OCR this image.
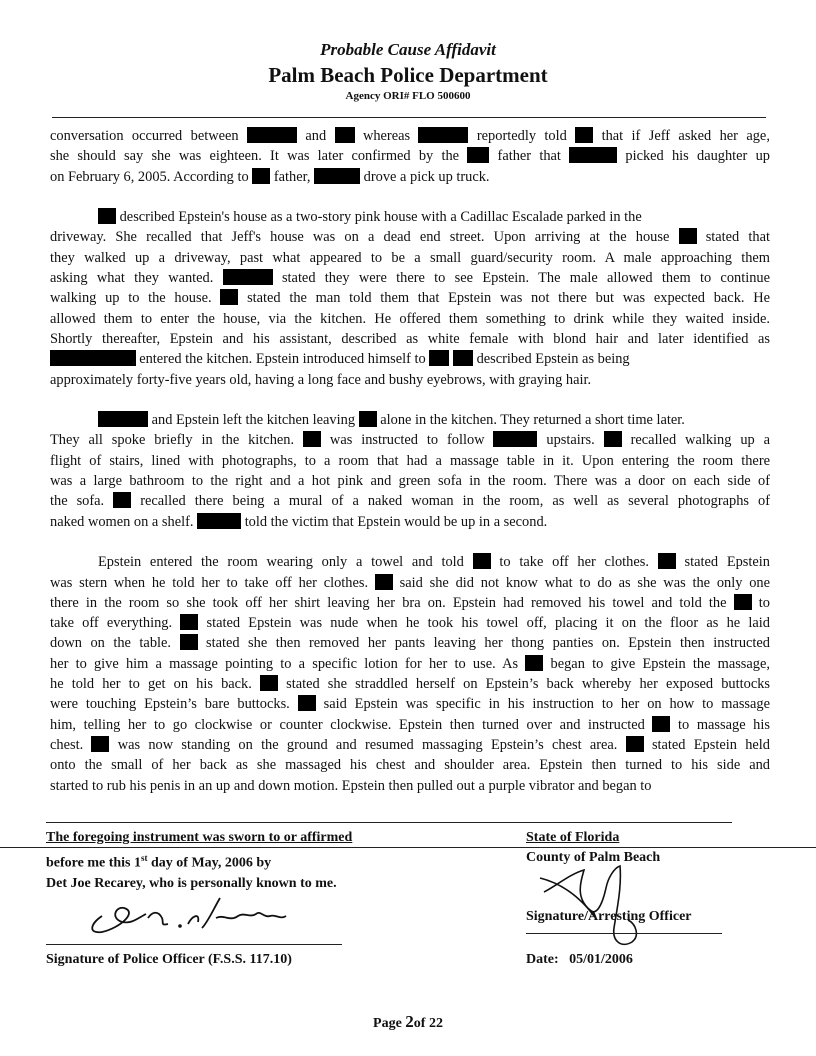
Probable Cause Affidavit
Palm Beach Police Department
Agency ORI# FLO 500600
conversation occurred between	and	whereas	reportedly told that if Jeff asked her age,
she should say she was eighteen. It was later confirmed by the	father that	picked his daughter up
on February 6, 2005. According to father,	drove a pick up truck.
described Epstein's house as a two-story pink house with a Cadillac Escalade parked in the
driveway. She recalled that Jeff's house was on a dead end street. Upon arriving at the house	stated that
they walked up a driveway, past what appeared to be a small guard/security room. A male approaching them
asking what they wanted.	stated they were there to see Epstein. The male allowed them to continue
walking up to the house. stated the man told them that Epstein was not there but was expected back. He
allowed them to enter the house, via the kitchen. He offered them something to drink while they waited inside.
Shortly thereafter, Epstein and his assistant, described as white female with blond hair and later identified as
, entered the kitchen. Epstein introduced himself to	described Epstein as being
approximately forty-five years old, having a long face and bushy eyebrows, with graying hair.
and Epstein left the kitchen leaving alone in the kitchen. They returned a short time later.
They all spoke briefly in the kitchen. was instructed to follow	upstairs. recalled walking up a
flight of stairs, lined with photographs, to a room that had a massage table in it. Upon entering the room there
was a large bathroom to the right and a hot pink and green sofa in the room. There was a door on each side of
the sofa.	recalled there being a mural of a naked woman in the room, as well as several photographs of
naked women on a shelf.	told the victim that Epstein would be up in a second.
Epstein entered the room wearing only a towel and told to take off her clothes. stated Epstein
was stern when he told her to take off her clothes. said she did not know what to do as she was the only one
there in the room so she took off her shirt leaving her bra on. Epstein had removed his towel and told the to
take off everything. stated Epstein was nude when he took his towel off, placing it on the floor as he laid
down on the table. stated she then removed her pants leaving her thong panties on. Epstein then instructed
her to give him a massage pointing to a specific lotion for her to use. As began to give Epstein the massage,
he told her to get on his back. stated she straddled herself on Epstein’s back whereby her exposed buttocks
were touching Epstein’s bare buttocks. said Epstein was specific in his instruction to her on how to massage
him, telling her to go clockwise or counter clockwise. Epstein then turned over and instructed to massage his
chest. was now standing on the ground and resumed massaging Epstein’s chest area. stated Epstein held
onto the small of her back as she massaged his chest and shoulder area. Epstein then turned to his side and
started to rub his penis in an up and down motion. Epstein then pulled out a purple vibrator and began to
The foregoing instrument was sworn to or affirmed
before me this 1st day of May, 2006 by
Det Joe Recarey, who is personally known to me.
State of Florida
County of Palm Beach
Signature of Police Officer (F.S.S. 117.10)
Signature/Arresting Officer
Date: 05/01/2006
Page 2of 22
